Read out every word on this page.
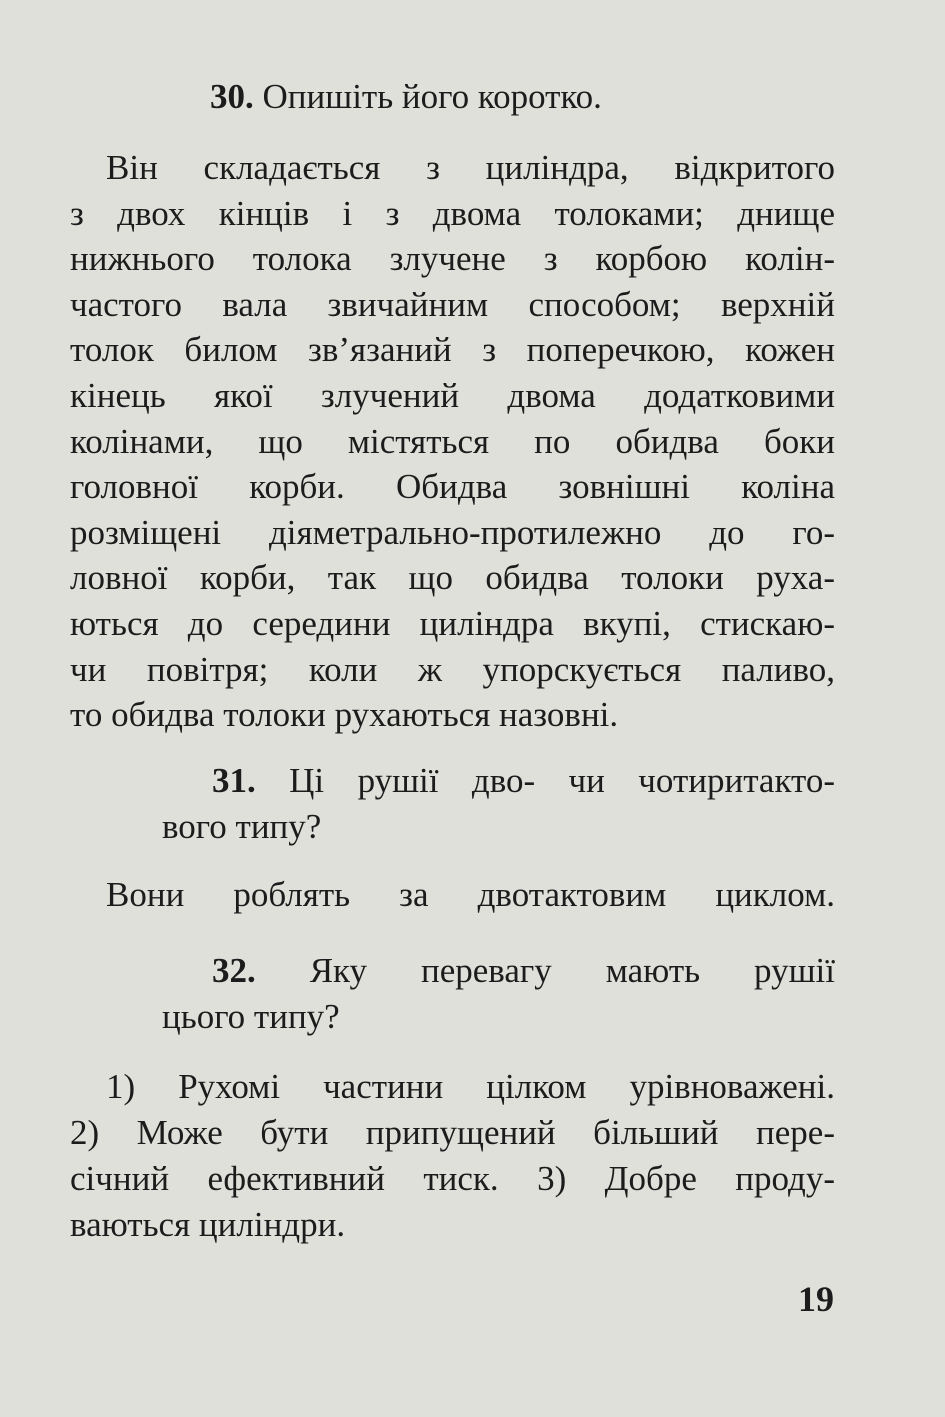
30. Опишіть його коротко.

Він складається з циліндра, відкритого
з двох кінців і з двома толоками; днище
нижнього толока злучене з корбою колін-
частого вала звичайним способом; верхній
толок билом зв’язаний з поперечкою, кожен
кінець якої злучений двома додатковими
колінами, що містяться по обидва боки
головної корби. Обидва зовнішні коліна
розміщені діяметрально-протилежно до го-
ловної корби, так що обидва толоки руха-
ються до середини циліндра вкупі, стискаю-
чи повітря; коли ж упорскується паливо,
то обидва толоки рухаються назовні.
31. Ці рушії дво- чи чотиритакто-
вого типу?
Вони роблять за двотактовим циклом.
32. Яку перевагу мають рушії
цього типу?
1) Рухомі частини цілком урівноважені.
2) Може бути припущений більший пере-
січний ефективний тиск. 3) Добре проду-
ваються циліндри.
19
